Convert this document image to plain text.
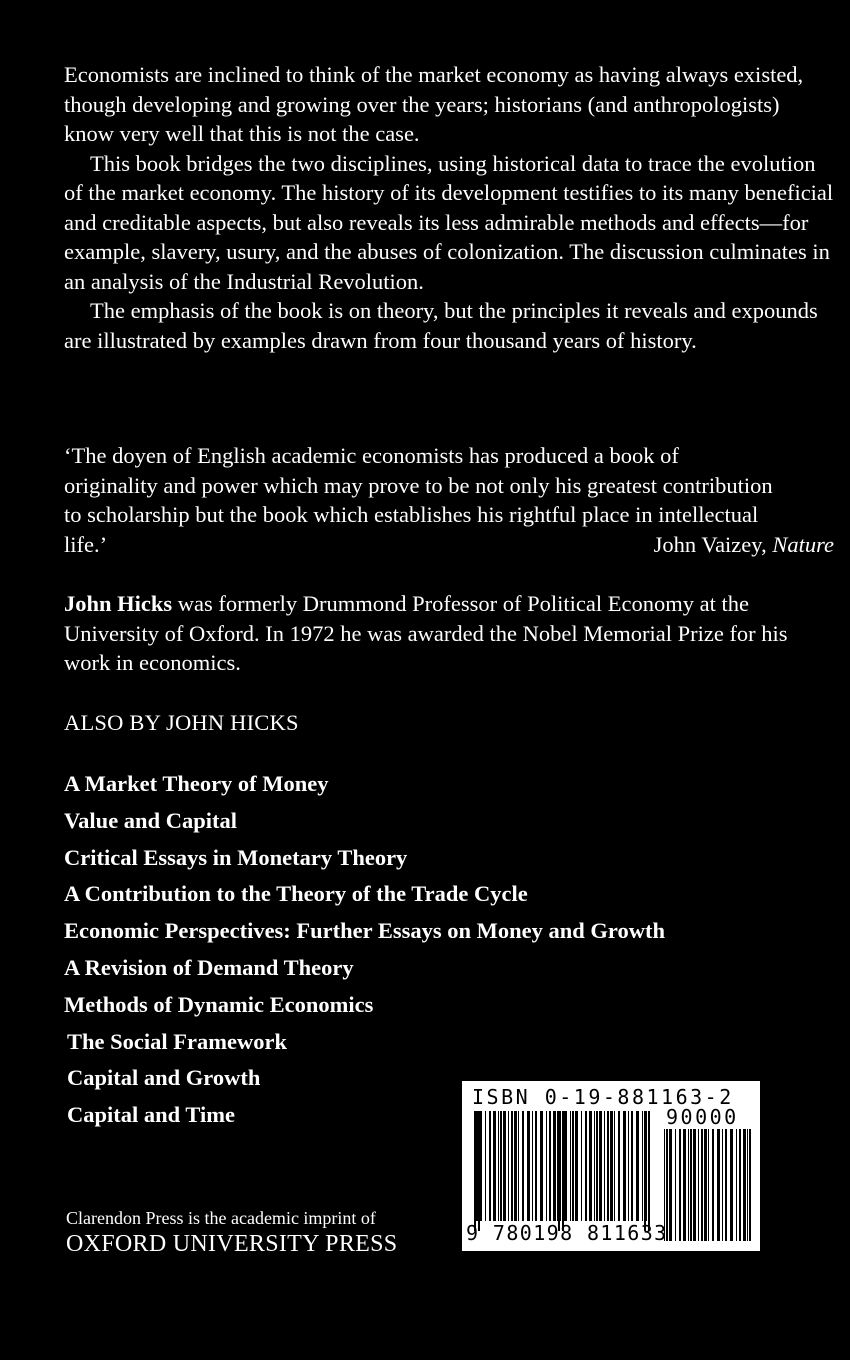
Economists are inclined to think of the market economy as having always existed, though developing and growing over the years; historians (and anthropologists) know very well that this is not the case.

This book bridges the two disciplines, using historical data to trace the evolution of the market economy. The history of its development testifies to its many beneficial and creditable aspects, but also reveals its less admirable methods and effects—for example, slavery, usury, and the abuses of colonization. The discussion culminates in an analysis of the Industrial Revolution.

The emphasis of the book is on theory, but the principles it reveals and expounds are illustrated by examples drawn from four thousand years of history.

‘The doyen of English academic economists has produced a book of

originality and power which may prove to be not only his greatest contribution

to scholarship but the book which establishes his rightful place in intellectual

life.’	John Vaizey, Nature

John Hicks was formerly Drummond Professor of Political Economy at the University of Oxford. In 1972 he was awarded the Nobel Memorial Prize for his work in economics.

ALSO BY JOHN HICKS
A Market Theory of Money
Value and Capital
Critical Essays in Monetary Theory
A Contribution to the Theory of the Trade Cycle
Economic Perspectives: Further Essays on Money and Growth
A Revision of Demand Theory
Methods of Dynamic Economics
The Social Framework
Capital and Growth
Capital and Time
Clarendon Press is the academic imprint of
OXFORD UNIVERSITY PRESS
ISBN 0-19-881163-2
90000
9 780198 811633
